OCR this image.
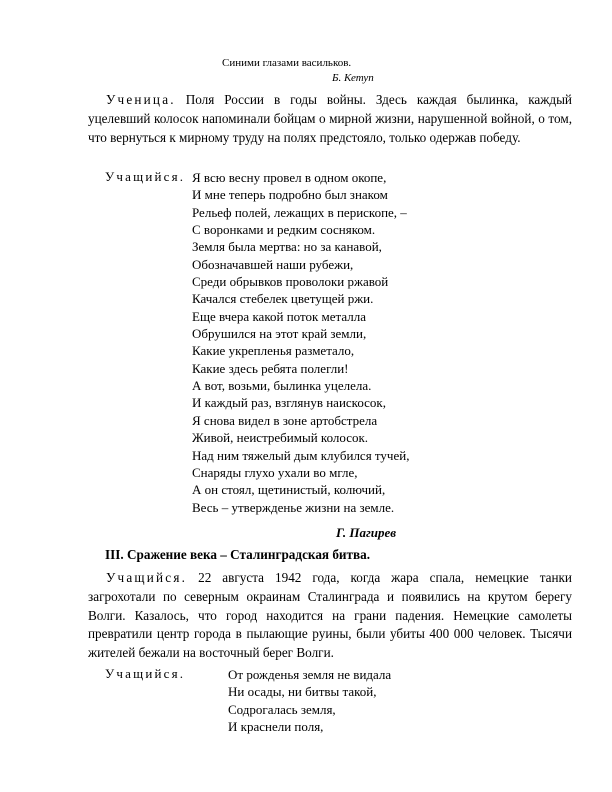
Синими глазами васильков.
Б. Кетуп

Ученица. Поля России в годы войны. Здесь каждая былинка, каждый уцелевший колосок напоминали бойцам о мирной жизни, нарушенной войной, о том, что вернуться к мирному труду на полях предстояло, только одержав победу.

Учащийся. Я всю весну провел в одном окопе,
И мне теперь подробно был знаком
Рельеф полей, лежащих в перископе, –
С воронками и редким сосняком.
Земля была мертва: но за канавой,
Обозначавшей наши рубежи,
Среди обрывков проволоки ржавой
Качался стебелек цветущей ржи.
Еще вчера какой поток металла
Обрушился на этот край земли,
Какие укрепленья разметало,
Какие здесь ребята полегли!
А вот, возьми, былинка уцелела.
И каждый раз, взглянув наискосок,
Я снова видел в зоне артобстрела
Живой, неистребимый колосок.
Над ним тяжелый дым клубился тучей,
Снаряды глухо ухали во мгле,
А он стоял, щетинистый, колючий,
Весь – утвержденье жизни на земле.
Г. Пагирев
III. Сражение века – Сталинградская битва.

Учащийся. 22 августа 1942 года, когда жара спала, немецкие танки загрохотали по северным окраинам Сталинграда и появились на крутом берегу Волги. Казалось, что город находится на грани падения. Немецкие самолеты превратили центр города в пылающие руины, были убиты 400 000 человек. Тысячи жителей бежали на восточный берег Волги.

Учащийся.	От рожденья земля не видала
Ни осады, ни битвы такой,
Содрогалась земля,
И краснели поля,
